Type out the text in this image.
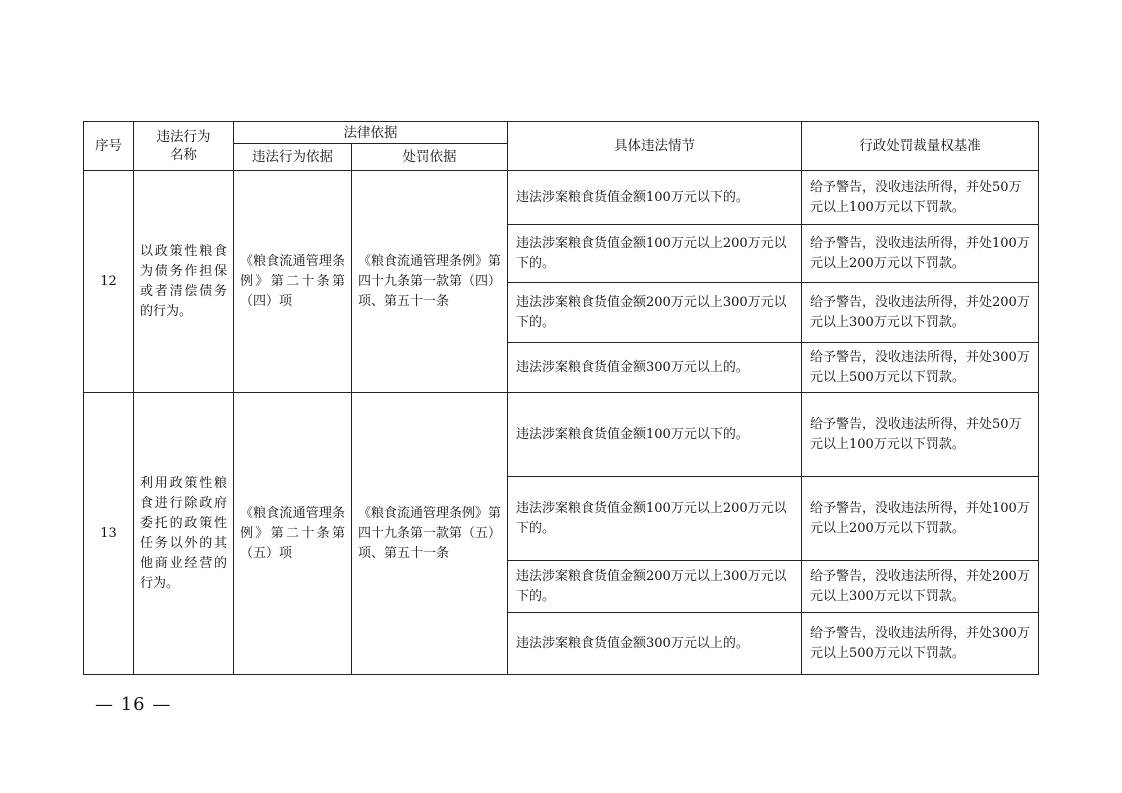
序号	违法行为
名称	法律依据		具体违法情节	行政处罚裁量权基准
		违法行为依据	处罚依据		
12	以政策性粮食为债务作担保或者清偿债务的行为。	《粮食流通管理条例》第二十条第（四）项	《粮食流通管理条例》第四十九条第一款第（四）项、第五十一条	违法涉案粮食货值金额100万元以下的。	给予警告，没收违法所得，并处50万元以上100万元以下罚款。
				违法涉案粮食货值金额100万元以上200万元以下的。	给予警告，没收违法所得，并处100万元以上200万元以下罚款。
				违法涉案粮食货值金额200万元以上300万元以下的。	给予警告，没收违法所得，并处200万元以上300万元以下罚款。
				违法涉案粮食货值金额300万元以上的。	给予警告，没收违法所得，并处300万元以上500万元以下罚款。
13	利用政策性粮食进行除政府委托的政策性任务以外的其他商业经营的行为。	《粮食流通管理条例》第二十条第（五）项	《粮食流通管理条例》第四十九条第一款第（五）项、第五十一条	违法涉案粮食货值金额100万元以下的。	给予警告，没收违法所得，并处50万元以上100万元以下罚款。
				违法涉案粮食货值金额100万元以上200万元以下的。	给予警告，没收违法所得，并处100万元以上200万元以下罚款。
				违法涉案粮食货值金额200万元以上300万元以下的。	给予警告，没收违法所得，并处200万元以上300万元以下罚款。
				违法涉案粮食货值金额300万元以上的。	给予警告，没收违法所得，并处300万元以上500万元以下罚款。
— 16 —
